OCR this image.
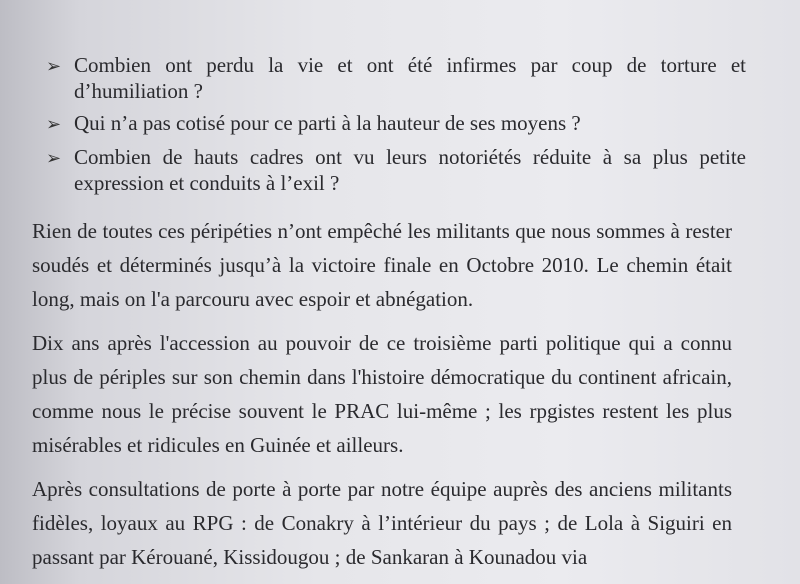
➢ Combien ont perdu la vie et ont été infirmes par coup de torture et d’humiliation ?
➢ Qui n’a pas cotisé pour ce parti à la hauteur de ses moyens ?
➢ Combien de hauts cadres ont vu leurs notoriétés réduite à sa plus petite expression et conduits à l’exil ?

Rien de toutes ces péripéties n’ont empêché les militants que nous sommes à rester soudés et déterminés jusqu’à la victoire finale en Octobre 2010. Le chemin était long, mais on l'a parcouru avec espoir et abnégation.

Dix ans après l'accession au pouvoir de ce troisième parti politique qui a connu plus de périples sur son chemin dans l'histoire démocratique du continent africain, comme nous le précise souvent le PRAC lui-même ; les rpgistes restent les plus misérables et ridicules en Guinée et ailleurs.

Après consultations de porte à porte par notre équipe auprès des anciens militants fidèles, loyaux au RPG : de Conakry à l’intérieur du pays ; de Lola à Siguiri en passant par Kérouané, Kissidougou ; de Sankaran à Kounadou via
